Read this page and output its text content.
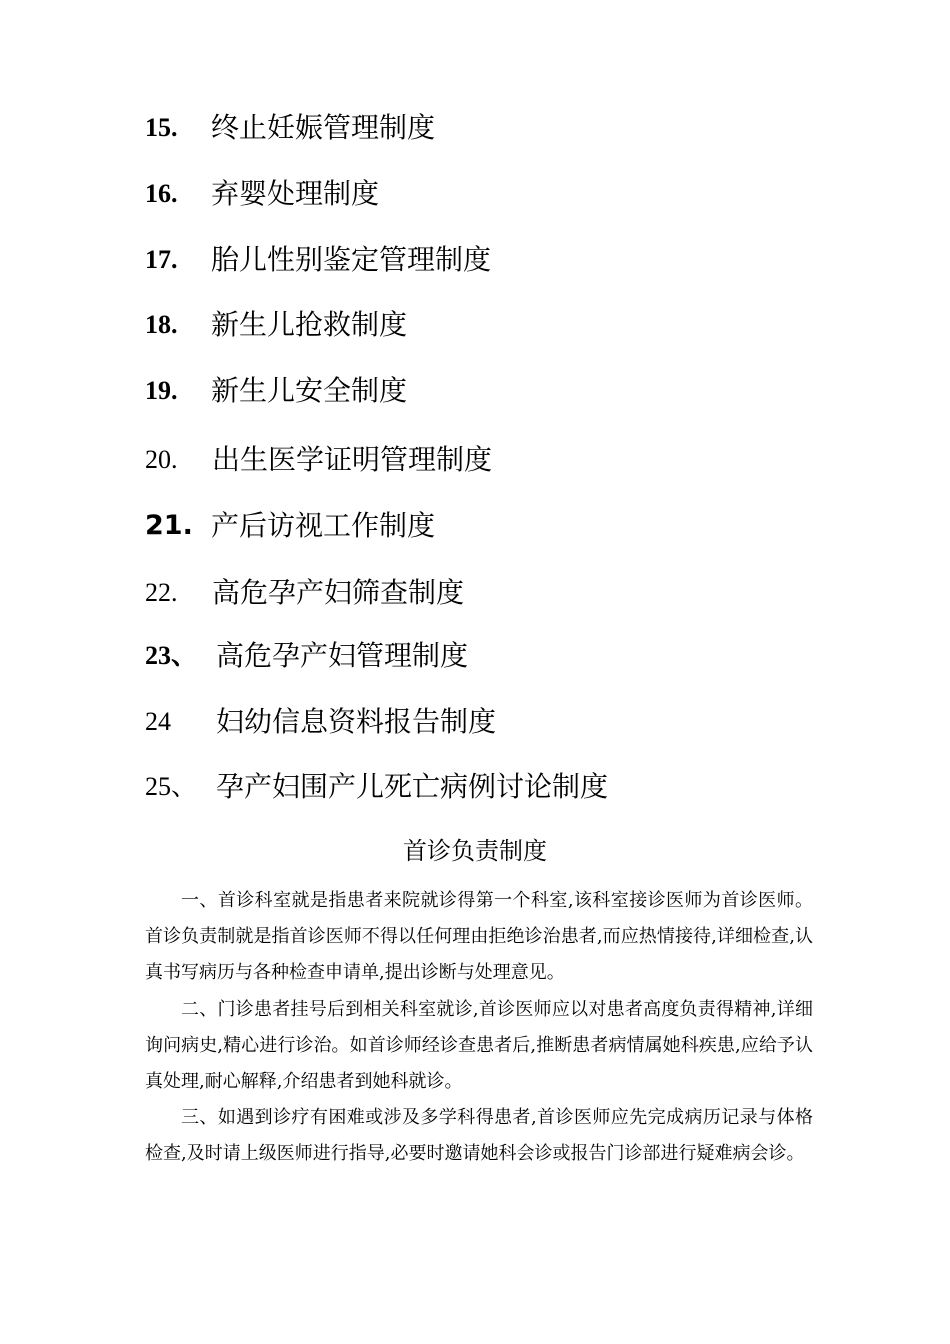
15. 终止妊娠管理制度
16. 弃婴处理制度
17. 胎儿性别鉴定管理制度
18. 新生儿抢救制度
19. 新生儿安全制度
20. 出生医学证明管理制度
21. 产后访视工作制度
22. 高危孕产妇筛查制度
23、 高危孕产妇管理制度
24 妇幼信息资料报告制度
25、 孕产妇围产儿死亡病例讨论制度
首诊负责制度

一、首诊科室就是指患者来院就诊得第一个科室,该科室接诊医师为首诊医师。首诊负责制就是指首诊医师不得以任何理由拒绝诊治患者,而应热情接待,详细检查,认真书写病历与各种检查申请单,提出诊断与处理意见。

二、门诊患者挂号后到相关科室就诊,首诊医师应以对患者高度负责得精神,详细询问病史,精心进行诊治。如首诊师经诊查患者后,推断患者病情属她科疾患,应给予认真处理,耐心解释,介绍患者到她科就诊。

三、如遇到诊疗有困难或涉及多学科得患者,首诊医师应先完成病历记录与体格检查,及时请上级医师进行指导,必要时邀请她科会诊或报告门诊部进行疑难病会诊。
